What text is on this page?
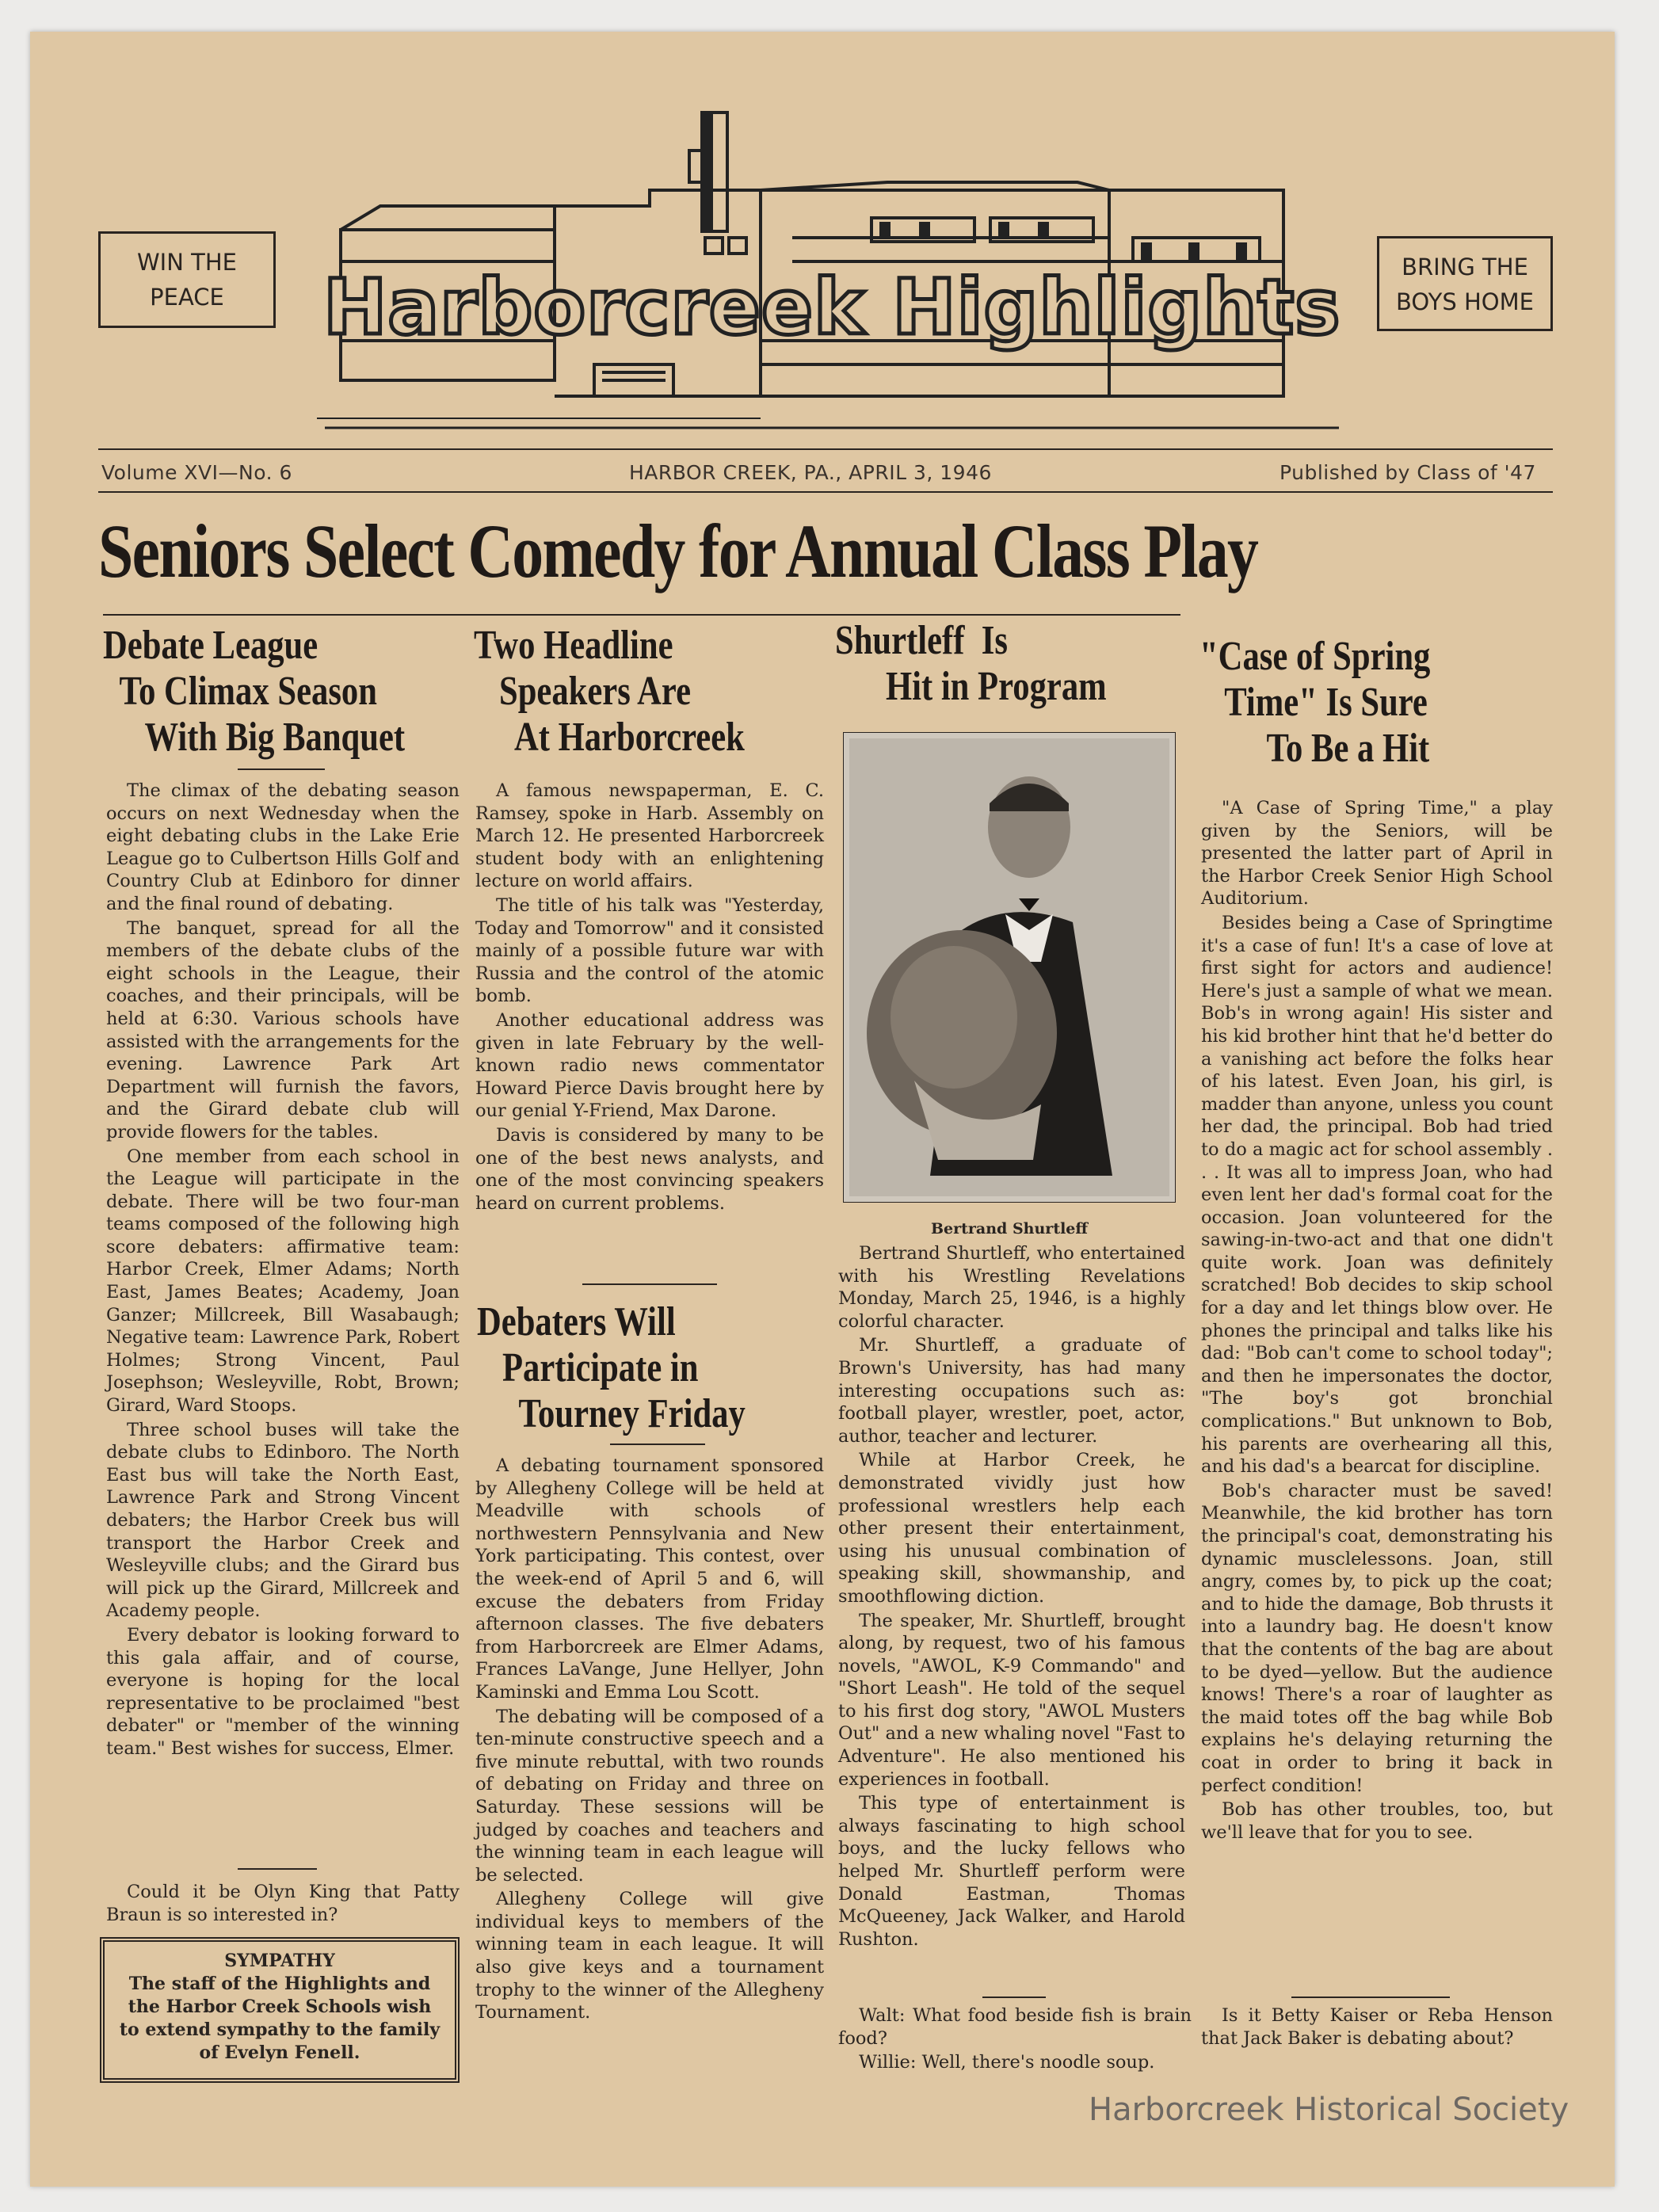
WIN THE PEACE
BRING THE BOYS HOME
Harborcreek Highlights
Volume XVI—No. 6	HARBOR CREEK, PA., APRIL 3, 1946	Published by Class of '47
Seniors Select Comedy for Annual Class Play
Debate League
To Climax Season
With Big Banquet

The climax of the debating season occurs on next Wednesday when the eight debating clubs in the Lake Erie League go to Culbertson Hills Golf and Country Club at Edinboro for dinner and the final round of debating.

The banquet, spread for all the members of the debate clubs of the eight schools in the League, their coaches, and their principals, will be held at 6:30. Various schools have assisted with the arrangements for the evening. Lawrence Park Art Department will furnish the favors, and the Girard debate club will provide flowers for the tables.

One member from each school in the League will participate in the debate. There will be two four-man teams composed of the following high score debaters: affirmative team: Harbor Creek, Elmer Adams; North East, James Beates; Academy, Joan Ganzer; Millcreek, Bill Wasabaugh; Negative team: Lawrence Park, Robert Holmes; Strong Vincent, Paul Josephson; Wesleyville, Robt, Brown; Girard, Ward Stoops.

Three school buses will take the debate clubs to Edinboro. The North East bus will take the North East, Lawrence Park and Strong Vincent debaters; the Harbor Creek bus will transport the Harbor Creek and Wesleyville clubs; and the Girard bus will pick up the Girard, Millcreek and Academy people.

Every debator is looking forward to this gala affair, and of course, everyone is hoping for the local representative to be proclaimed "best debater" or "member of the winning team." Best wishes for success, Elmer.

Could it be Olyn King that Patty Braun is so interested in?

SYMPATHY
The staff of the Highlights and the Harbor Creek Schools wish to extend sympathy to the family of Evelyn Fenell.
Two Headline
Speakers Are
At Harborcreek

A famous newspaperman, E. C. Ramsey, spoke in Harb. Assembly on March 12. He presented Harborcreek student body with an enlightening lecture on world affairs.

The title of his talk was "Yesterday, Today and Tomorrow" and it consisted mainly of a possible future war with Russia and the control of the atomic bomb.

Another educational address was given in late February by the well-known radio news commentator Howard Pierce Davis brought here by our genial Y-Friend, Max Darone.

Davis is considered by many to be one of the best news analysts, and one of the most convincing speakers heard on current problems.

Debaters Will
Participate in
Tourney Friday

A debating tournament sponsored by Allegheny College will be held at Meadville with schools of northwestern Pennsylvania and New York participating. This contest, over the week-end of April 5 and 6, will excuse the debaters from Friday afternoon classes. The five debaters from Harborcreek are Elmer Adams, Frances LaVange, June Hellyer, John Kaminski and Emma Lou Scott.

The debating will be composed of a ten-minute constructive speech and a five minute rebuttal, with two rounds of debating on Friday and three on Saturday. These sessions will be judged by coaches and teachers and the winning team in each league will be selected.

Allegheny College will give individual keys to members of the winning team in each league. It will also give keys and a tournament trophy to the winner of the Allegheny Tournament.

Shurtleff  Is
Hit in Program
Bertrand Shurtleff

Bertrand Shurtleff, who entertained with his Wrestling Revelations Monday, March 25, 1946, is a highly colorful character.

Mr. Shurtleff, a graduate of Brown's University, has had many interesting occupations such as: football player, wrestler, poet, actor, author, teacher and lecturer.

While at Harbor Creek, he demonstrated vividly just how professional wrestlers help each other present their entertainment, using his unusual combination of speaking skill, showmanship, and smoothflowing diction.

The speaker, Mr. Shurtleff, brought along, by request, two of his famous novels, "AWOL, K-9 Commando" and "Short Leash". He told of the sequel to his first dog story, "AWOL Musters Out" and a new whaling novel "Fast to Adventure". He also mentioned his experiences in football.

This type of entertainment is always fascinating to high school boys, and the lucky fellows who helped Mr. Shurtleff perform were Donald Eastman, Thomas McQueeney, Jack Walker, and Harold Rushton.

Walt: What food beside fish is brain food?

Willie: Well, there's noodle soup.

"Case of Spring
Time" Is Sure
To Be a Hit

"A Case of Spring Time," a play given by the Seniors, will be presented the latter part of April in the Harbor Creek Senior High School Auditorium.

Besides being a Case of Springtime it's a case of fun! It's a case of love at first sight for actors and audience! Here's just a sample of what we mean. Bob's in wrong again! His sister and his kid brother hint that he'd better do a vanishing act before the folks hear of his latest. Even Joan, his girl, is madder than anyone, unless you count her dad, the principal. Bob had tried to do a magic act for school assembly . . . It was all to impress Joan, who had even lent her dad's formal coat for the occasion. Joan volunteered for the sawing-in-two-act and that one didn't quite work. Joan was definitely scratched! Bob decides to skip school for a day and let things blow over. He phones the principal and talks like his dad: "Bob can't come to school today"; and then he impersonates the doctor, "The boy's got bronchial complications." But unknown to Bob, his parents are overhearing all this, and his dad's a bearcat for discipline.

Bob's character must be saved! Meanwhile, the kid brother has torn the principal's coat, demonstrating his dynamic musclelessons. Joan, still angry, comes by, to pick up the coat; and to hide the damage, Bob thrusts it into a laundry bag. He doesn't know that the contents of the bag are about to be dyed—yellow. But the audience knows! There's a roar of laughter as the maid totes off the bag while Bob explains he's delaying returning the coat in order to bring it back in perfect condition!

Bob has other troubles, too, but we'll leave that for you to see.

Is it Betty Kaiser or Reba Henson that Jack Baker is debating about?

Harborcreek Historical Society
